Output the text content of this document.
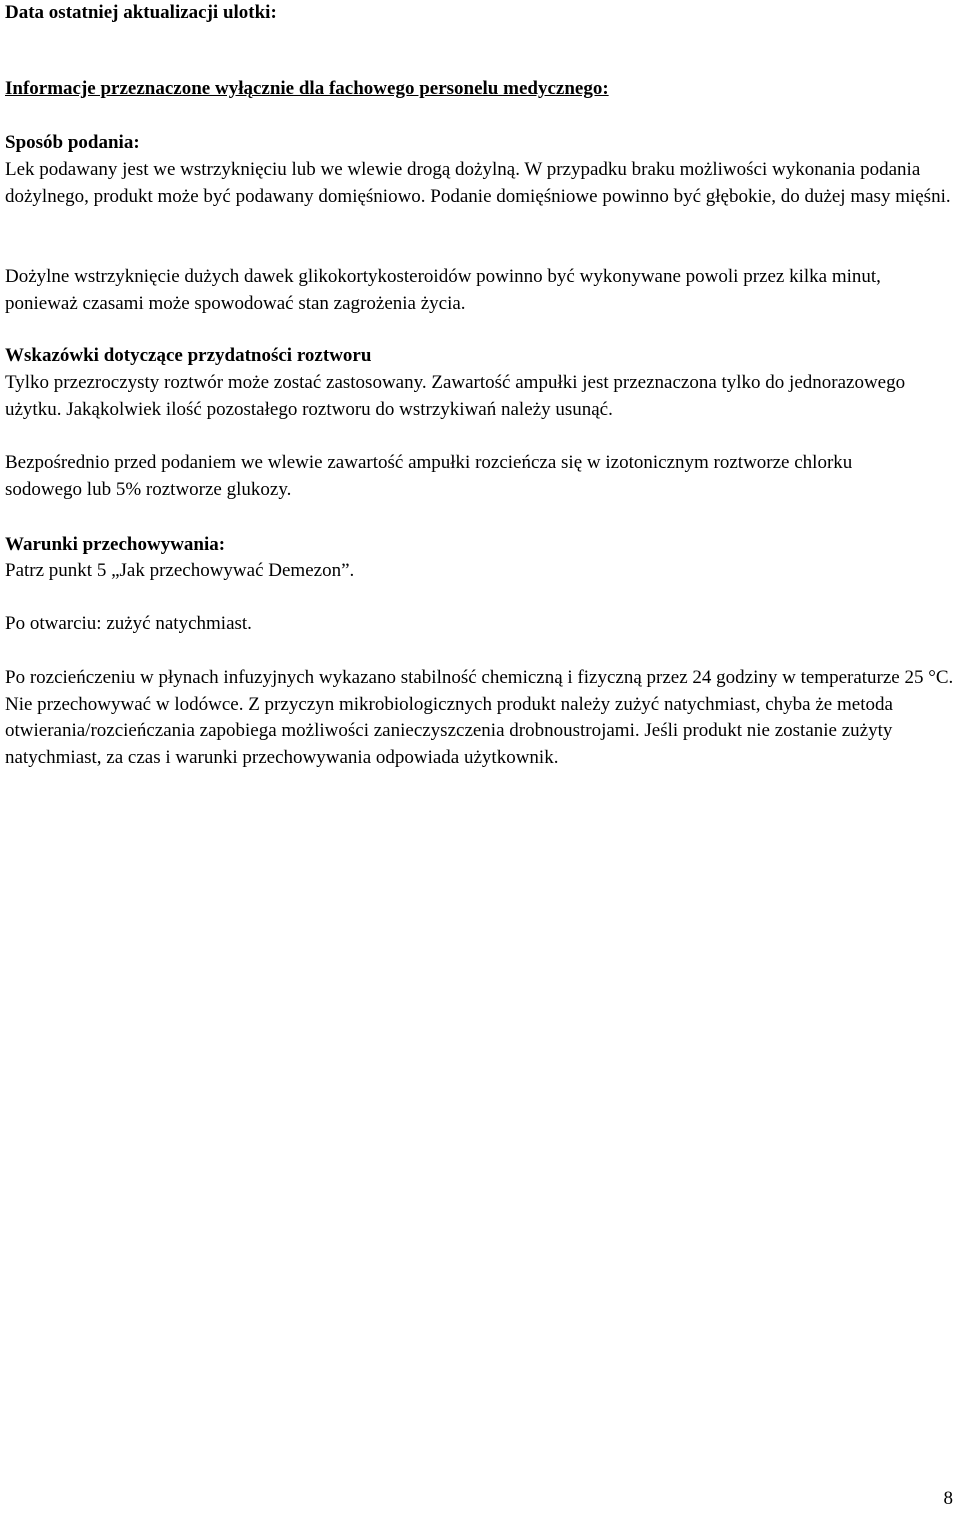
Data ostatniej aktualizacji ulotki:

Informacje przeznaczone wyłącznie dla fachowego personelu medycznego:

Sposób podania:

Lek podawany jest we wstrzyknięciu lub we wlewie drogą dożylną. W przypadku braku możliwości wykonania podania dożylnego, produkt może być podawany domięśniowo. Podanie domięśniowe powinno być głębokie, do dużej masy mięśni.

Dożylne wstrzyknięcie dużych dawek glikokortykosteroidów powinno być wykonywane powoli przez kilka minut, ponieważ czasami może spowodować stan zagrożenia życia.

Wskazówki dotyczące przydatności roztworu

Tylko przezroczysty roztwór może zostać zastosowany. Zawartość ampułki jest przeznaczona tylko do jednorazowego użytku. Jakąkolwiek ilość pozostałego roztworu do wstrzykiwań należy usunąć.

Bezpośrednio przed podaniem we wlewie zawartość ampułki rozcieńcza się w izotonicznym roztworze chlorku sodowego lub 5% roztworze glukozy.

Warunki przechowywania:

Patrz punkt 5 „Jak przechowywać Demezon”.

Po otwarciu: zużyć natychmiast.

Po rozcieńczeniu w płynach infuzyjnych wykazano stabilność chemiczną i fizyczną przez 24 godziny w temperaturze 25 °C. Nie przechowywać w lodówce. Z przyczyn mikrobiologicznych produkt należy zużyć natychmiast, chyba że metoda otwierania/rozcieńczania zapobiega możliwości zanieczyszczenia drobnoustrojami. Jeśli produkt nie zostanie zużyty natychmiast, za czas i warunki przechowywania odpowiada użytkownik.

8
